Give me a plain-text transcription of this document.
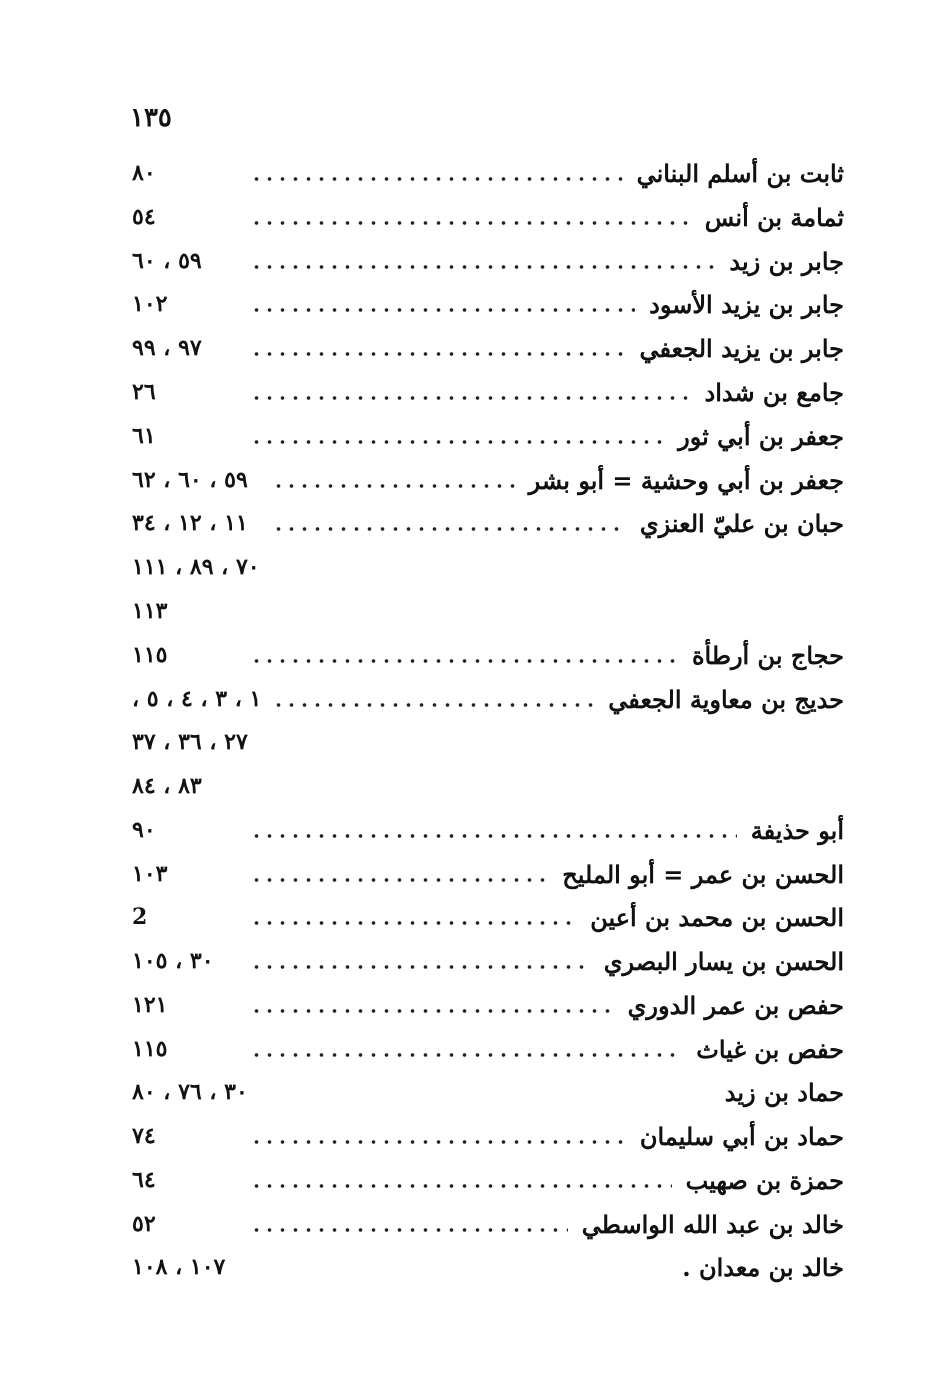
١٣٥
ثابت بن أسلم البناني
٨٠
ثمامة بن أنس
٥٤
جابر بن زيد
٥٩ ، ٦٠
جابر بن يزيد الأسود
١٠٢
جابر بن يزيد الجعفي
٩٧ ، ٩٩
جامع بن شداد
٢٦
جعفر بن أبي ثور
٦١
جعفر بن أبي وحشية = أبو بشر
٥٩ ، ٦٠ ، ٦٢
حبان بن عليّ العنزي
١١ ، ١٢ ، ٣٤
٧٠ ، ٨٩ ، ١١١
١١٣
حجاج بن أرطأة
١١٥
حديج بن معاوية الجعفي
١ ، ٣ ، ٤ ، ٥ ،
٢٧ ، ٣٦ ، ٣٧
٨٣ ، ٨٤
أبو حذيفة
٩٠
الحسن بن عمر = أبو المليح
١٠٣
الحسن بن محمد بن أعين
2
الحسن بن يسار البصري
٣٠ ، ١٠٥
حفص بن عمر الدوري
١٢١
حفص بن غياث
١١٥
حماد بن زيد
٣٠ ، ٧٦ ، ٨٠
حماد بن أبي سليمان
٧٤
حمزة بن صهيب
٦٤
خالد بن عبد الله الواسطي
٥٢
خالد بن معدان .
١٠٧ ، ١٠٨
